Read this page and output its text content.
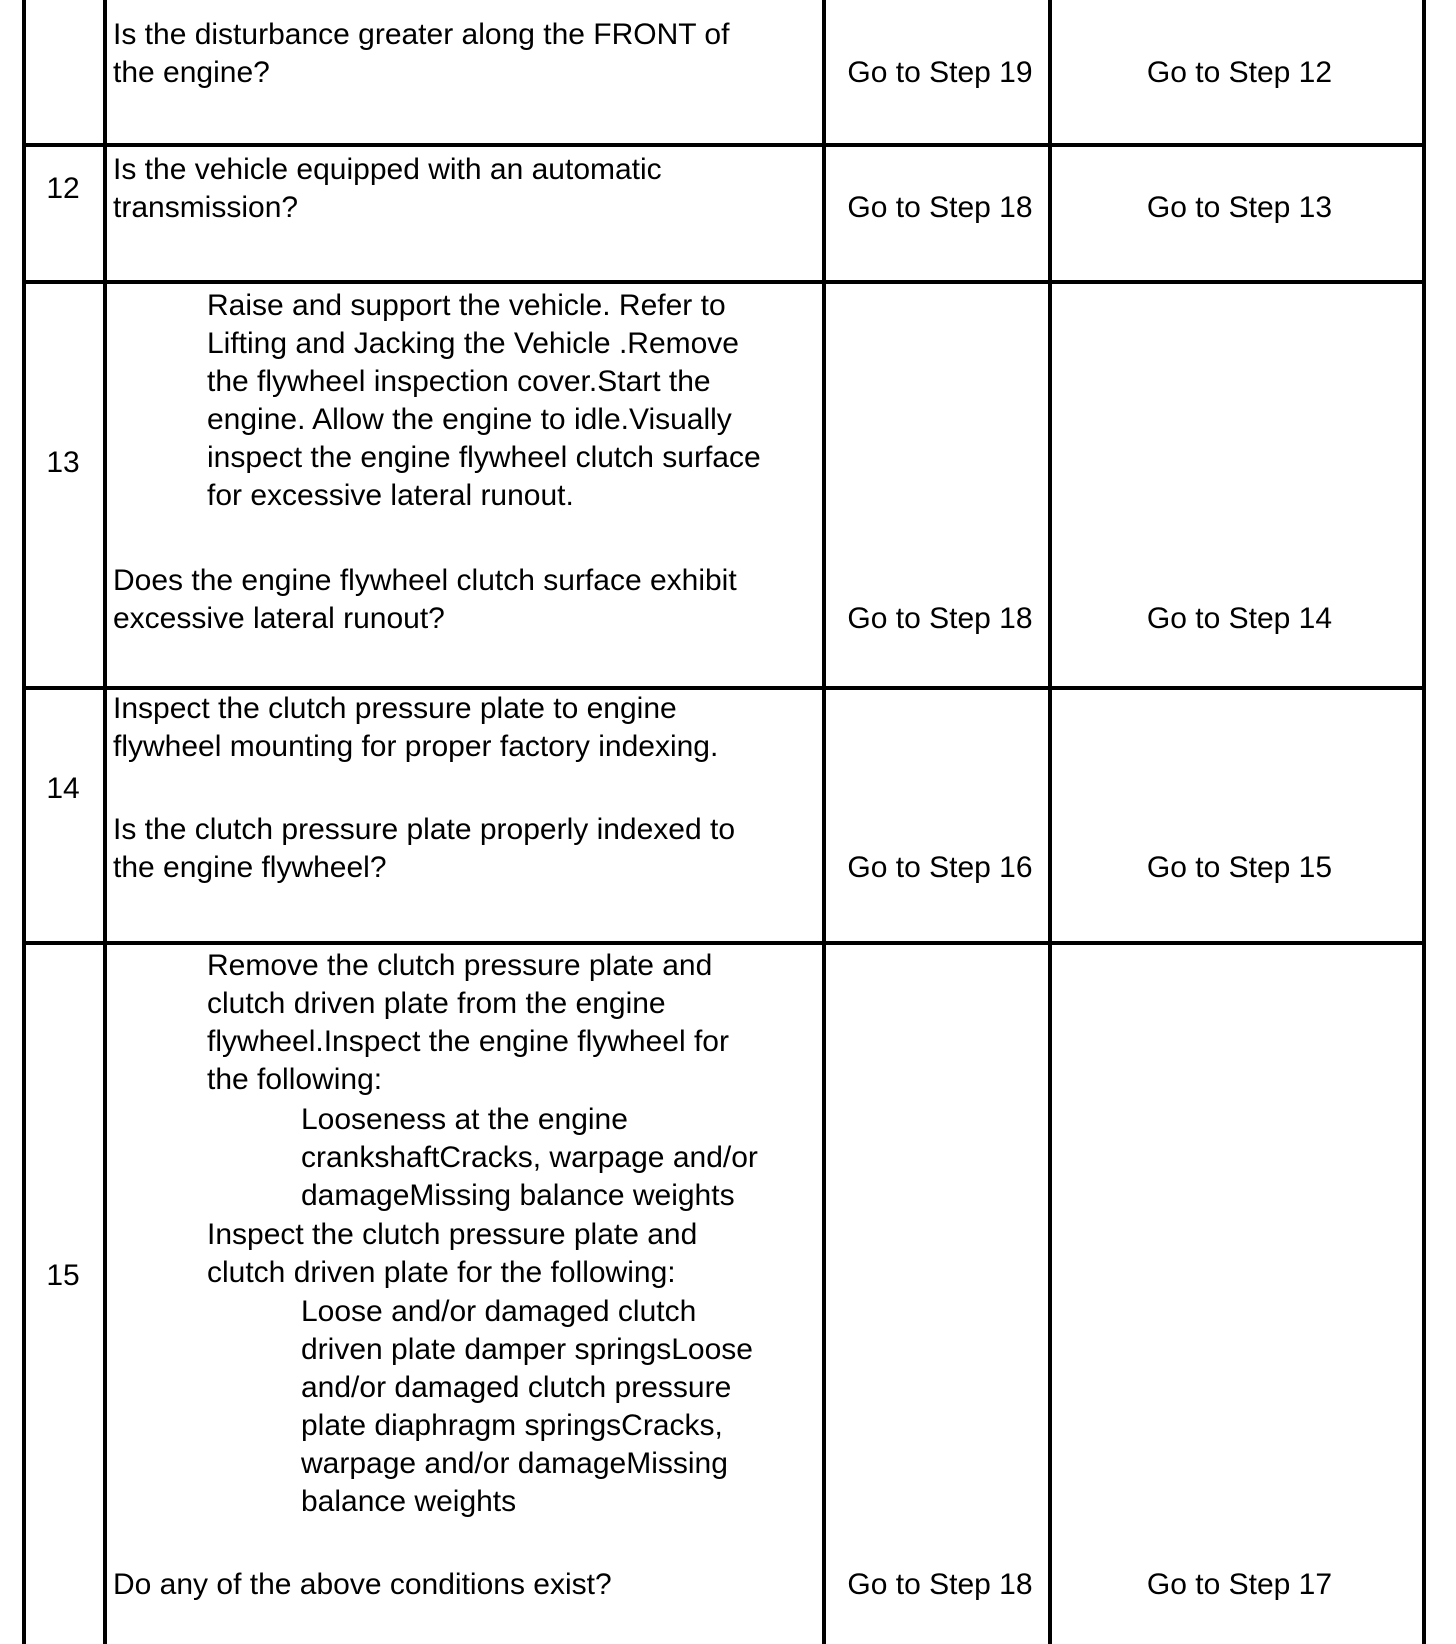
Is the disturbance greater along the FRONT of
the engine?	Go to Step 19	Go to Step 12
12
Is the vehicle equipped with an automatic
transmission?	Go to Step 18	Go to Step 13
13
Raise and support the vehicle. Refer to
Lifting and Jacking the Vehicle .Remove
the flywheel inspection cover.Start the
engine. Allow the engine to idle.Visually
inspect the engine flywheel clutch surface
for excessive lateral runout.
Does the engine flywheel clutch surface exhibit
excessive lateral runout?	Go to Step 18	Go to Step 14
14
Inspect the clutch pressure plate to engine
flywheel mounting for proper factory indexing.
Is the clutch pressure plate properly indexed to
the engine flywheel?	Go to Step 16	Go to Step 15
15
Remove the clutch pressure plate and
clutch driven plate from the engine
flywheel.Inspect the engine flywheel for
the following:
Looseness at the engine
crankshaftCracks, warpage and/or
damageMissing balance weights
Inspect the clutch pressure plate and
clutch driven plate for the following:
Loose and/or damaged clutch
driven plate damper springsLoose
and/or damaged clutch pressure
plate diaphragm springsCracks,
warpage and/or damageMissing
balance weights
Do any of the above conditions exist?	Go to Step 18	Go to Step 17
